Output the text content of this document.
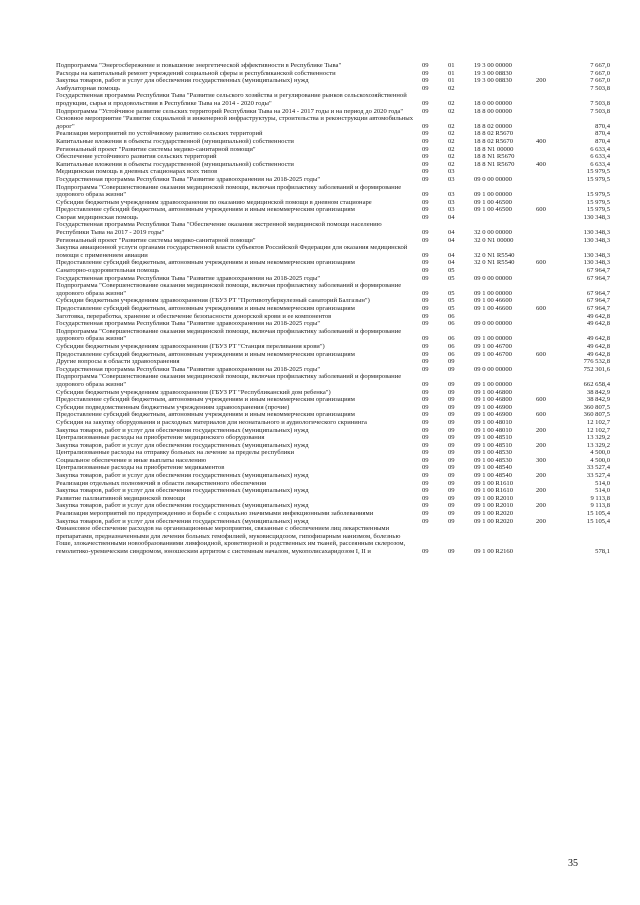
Подпрограмма "Энергосбережение и повышение энергетической эффективности в Республике Тыва"	09	01	19 3 00 00000		7 667,0
Расходы на капитальный ремонт учреждений социальной сферы и республиканской собственности	09	01	19 3 00 08830		7 667,0
Закупка товаров, работ и услуг для обеспечения государственных (муниципальных) нужд	09	01	19 3 00 08830	200	7 667,0
Амбулаторная помощь	09	02			7 503,8
Государственная программа Республики Тыва "Развитие сельского хозяйства и регулирование рынков сельскохозяйственной продукции, сырья и продовольствия в Республике Тыва на 2014 - 2020 годы"	09	02	18 0 00 00000		7 503,8
Подпрограмма "Устойчивое развитие сельских территорий Республики Тыва на 2014 - 2017 годы и на период до 2020 года"	09	02	18 8 00 00000		7 503,8
Основное мероприятие "Развитие социальной и инженерной инфраструктуры, строительства и реконструкции автомобильных дорог"	09	02	18 8 02 00000		870,4
Реализация мероприятий по устойчивому развитию сельских территорий	09	02	18 8 02 R5670		870,4
Капитальные вложения в объекты государственной (муниципальной) собственности	09	02	18 8 02 R5670	400	870,4
Региональный проект "Развитие системы медико-санитарной помощи"	09	02	18 8 N1 00000		6 633,4
Обеспечение устойчивого развития сельских территорий	09	02	18 8 N1 R5670		6 633,4
Капитальные вложения в объекты государственной (муниципальной) собственности	09	02	18 8 N1 R5670	400	6 633,4
Медицинская помощь в дневных стационарах всех типов	09	03			15 979,5
Государственная программа Республики Тыва "Развитие здравоохранения на 2018-2025 годы"	09	03	09 0 00 00000		15 979,5
Подпрограмма "Совершенствование оказания медицинской помощи, включая профилактику заболеваний и формирование здорового образа жизни"	09	03	09 1 00 00000		15 979,5
Субсидии бюджетным учреждениям здравоохранения по оказанию медицинской помощи в дневном стационаре	09	03	09 1 00 46500		15 979,5
Предоставление субсидий бюджетным, автономным учреждениям и иным некоммерческим организациям	09	03	09 1 00 46500	600	15 979,5
Скорая медицинская помощь	09	04			130 348,3
Государственная программа Республики Тыва "Обеспечение оказания экстренной медицинской помощи населению Республики Тыва на 2017 - 2019 годы"	09	04	32 0 00 00000		130 348,3
Региональный проект "Развитие системы медико-санитарной помощи"	09	04	32 0 N1 00000		130 348,3
Закупка авиационной услуги органами государственной власти субъектов Российской Федерации для оказания медицинской помощи с применением авиации	09	04	32 0 N1 R5540		130 348,3
Предоставление субсидий бюджетным, автономным учреждениям и иным некоммерческим организациям	09	04	32 0 N1 R5540	600	130 348,3
Санаторно-оздоровительная помощь	09	05			67 964,7
Государственная программа Республики Тыва "Развитие здравоохранения на 2018-2025 годы"	09	05	09 0 00 00000		67 964,7
Подпрограмма "Совершенствование оказания медицинской помощи, включая профилактику заболеваний и формирование здорового образа жизни"	09	05	09 1 00 00000		67 964,7
Субсидии бюджетным учреждениям здравоохранения (ГБУЗ РТ "Противотуберкулезный санаторий Балгазын")	09	05	09 1 00 46600		67 964,7
Предоставление субсидий бюджетным, автономным учреждениям и иным некоммерческим организациям	09	05	09 1 00 46600	600	67 964,7
Заготовка, переработка, хранение и обеспечение безопасности донорской крови и ее компонентов	09	06			49 642,8
Государственная программа Республики Тыва "Развитие здравоохранения на 2018-2025 годы"	09	06	09 0 00 00000		49 642,8
Подпрограмма "Совершенствование оказания медицинской помощи, включая профилактику заболеваний и формирование здорового образа жизни"	09	06	09 1 00 00000		49 642,8
Субсидии бюджетным учреждениям здравоохранения (ГБУЗ РТ "Станция переливания крови")	09	06	09 1 00 46700		49 642,8
Предоставление субсидий бюджетным, автономным учреждениям и иным некоммерческим организациям	09	06	09 1 00 46700	600	49 642,8
Другие вопросы в области здравоохранения	09	09			776 532,8
Государственная программа Республики Тыва "Развитие здравоохранения на 2018-2025 годы"	09	09	09 0 00 00000		752 301,6
Подпрограмма "Совершенствование оказания медицинской помощи, включая профилактику заболеваний и формирование здорового образа жизни"	09	09	09 1 00 00000		662 658,4
Субсидии бюджетным учреждениям здравоохранения (ГБУЗ РТ "Республиканский дом ребенка")	09	09	09 1 00 46800		38 842,9
Предоставление субсидий бюджетным, автономным учреждениям и иным некоммерческим организациям	09	09	09 1 00 46800	600	38 842,9
Субсидии подведомственным бюджетным учреждениям здравоохранения (прочие)	09	09	09 1 00 46900		360 807,5
Предоставление субсидий бюджетным, автономным учреждениям и иным некоммерческим организациям	09	09	09 1 00 46900	600	360 807,5
Субсидия на закупку оборудования и расходных материалов для неонатального и аудиологического скрининга	09	09	09 1 00 48010		12 102,7
Закупка товаров, работ и услуг для обеспечения государственных (муниципальных) нужд	09	09	09 1 00 48010	200	12 102,7
Централизованные расходы на приобретение медицинского оборудования	09	09	09 1 00 48510		13 329,2
Закупка товаров, работ и услуг для обеспечения государственных (муниципальных) нужд	09	09	09 1 00 48510	200	13 329,2
Централизованные расходы на отправку больных на лечение за пределы республики	09	09	09 1 00 48530		4 500,0
Социальное обеспечение и иные выплаты населению	09	09	09 1 00 48530	300	4 500,0
Централизованные расходы на приобретение медикаментов	09	09	09 1 00 48540		33 527,4
Закупка товаров, работ и услуг для обеспечения государственных (муниципальных) нужд	09	09	09 1 00 48540	200	33 527,4
Реализация отдельных полномочий в области лекарственного обеспечения	09	09	09 1 00 R1610		514,0
Закупка товаров, работ и услуг для обеспечения государственных (муниципальных) нужд	09	09	09 1 00 R1610	200	514,0
Развитие паллиативной медицинской помощи	09	09	09 1 00 R2010		9 113,8
Закупка товаров, работ и услуг для обеспечения государственных (муниципальных) нужд	09	09	09 1 00 R2010	200	9 113,8
Реализация мероприятий по предупреждению и борьбе с социально значимыми инфекционными заболеваниями	09	09	09 1 00 R2020		15 105,4
Закупка товаров, работ и услуг для обеспечения государственных (муниципальных) нужд	09	09	09 1 00 R2020	200	15 105,4
Финансовое обеспечение расходов на организационные мероприятия, связанные с обеспечением лиц лекарственными препаратами, предназначенными для лечения больных гемофилией, муковисцидозом, гипофизарным нанизмом, болезнью Гоше, злокачественными новообразованиями лимфоидной, кроветворной и родственных им тканей, рассеянным склерозом, гемолитико-уремическим синдромом, юношеским артритом с системным началом, мукополисахаридозом I, II и	09	09	09 1 00 R2160		578,1
35
